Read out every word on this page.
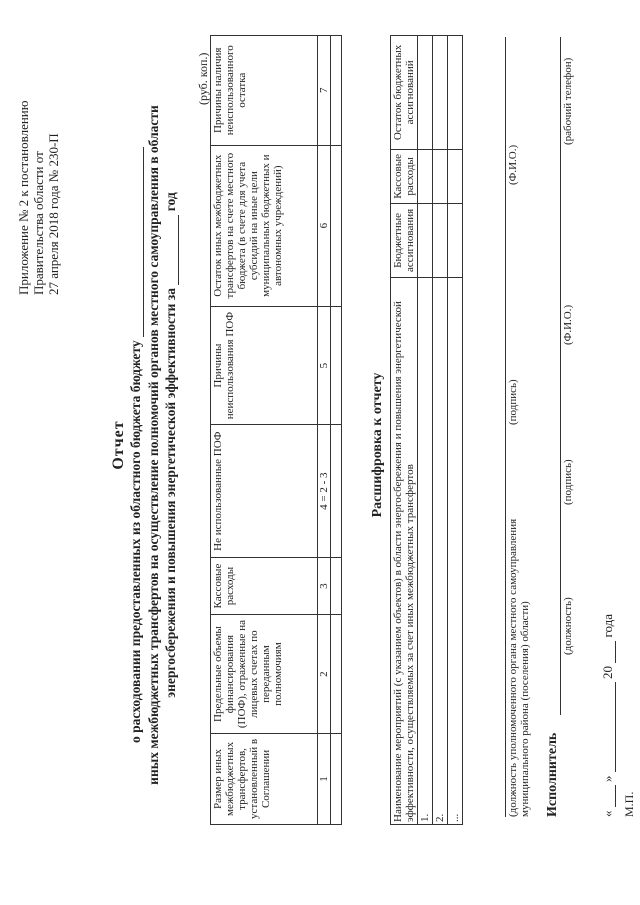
Приложение № 2 к постановлению Правительства области от 27 апреля 2018 года № 230-П
Отчет о расходовании предоставленных из областного бюджета бюджету иных межбюджетных трансфертов на осуществление полномочий органов местного самоуправления в области энергосбережения и повышения энергетической эффективности за  год
(руб. коп.)
Размер иных межбюджетных трансфертов, установленный в Соглашении	Предельные объемы финансирования (ПОФ), отраженные на лицевых счетах по переданным полномочиям	Кассовые расходы	Не использованные ПОФ	Причины неиспользования ПОФ	Остаток иных межбюджетных трансфертов на счете местного бюджета (в счете для учета субсидий на иные цели муниципальных бюджетных и автономных учреждений)	Причины наличия неиспользованного остатка
1	2	3	4 = 2 - 3	5	6	7

Расшифровка к отчету Наименование мероприятий (с указанием объектов) в области энергосбережения и повышения энергетической эффективности, осуществляемых за счет иных межбюджетных трансфертов	Бюджетные ассигнования	Кассовые расходы	Остаток бюджетных ассигнований
1.			
2.			
...			
(должность уполномоченного органа местного самоуправления муниципального района (поселения) области)
(подпись)
(Ф.И.О.)
Исполнитель
(должность)
(подпись)
(Ф.И.О.)
(рабочий телефон)
«  »  20  года
М.П.
